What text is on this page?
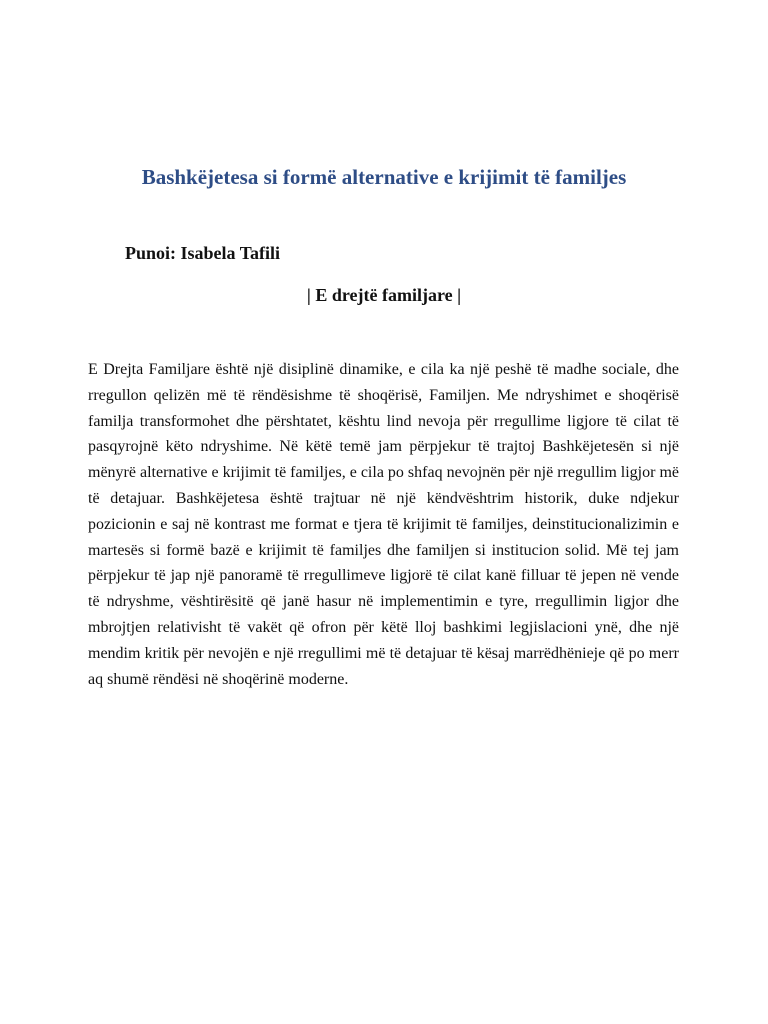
Bashkëjetesa si formë alternative e krijimit të familjes

Punoi: Isabela Tafili

| E drejtë familjare |

E Drejta Familjare është një disiplinë dinamike, e cila ka një peshë të madhe sociale, dhe rregullon qelizën më të rëndësishme të shoqërisë, Familjen. Me ndryshimet e shoqërisë familja transformohet dhe përshtatet, kështu lind nevoja për rregullime ligjore të cilat të pasqyrojnë këto ndryshime. Në këtë temë jam përpjekur të trajtoj Bashkëjetesën si një mënyrë alternative e krijimit të familjes, e cila po shfaq nevojnën për një rregullim ligjor më të detajuar. Bashkëjetesa është trajtuar në një këndvështrim historik, duke ndjekur pozicionin e saj në kontrast me format e tjera të krijimit të familjes, deinstitucionalizimin e martesës si formë bazë e krijimit të familjes dhe familjen si institucion solid. Më tej jam përpjekur të jap një panoramë të rregullimeve ligjorë të cilat kanë filluar të jepen në vende të ndryshme, vështirësitë që janë hasur në implementimin e tyre, rregullimin ligjor dhe mbrojtjen relativisht të vakët që ofron për këtë lloj bashkimi legjislacioni ynë, dhe një mendim kritik për nevojën e një rregullimi më të detajuar të kësaj marrëdhënieje që po merr aq shumë rëndësi në shoqërinë moderne.
